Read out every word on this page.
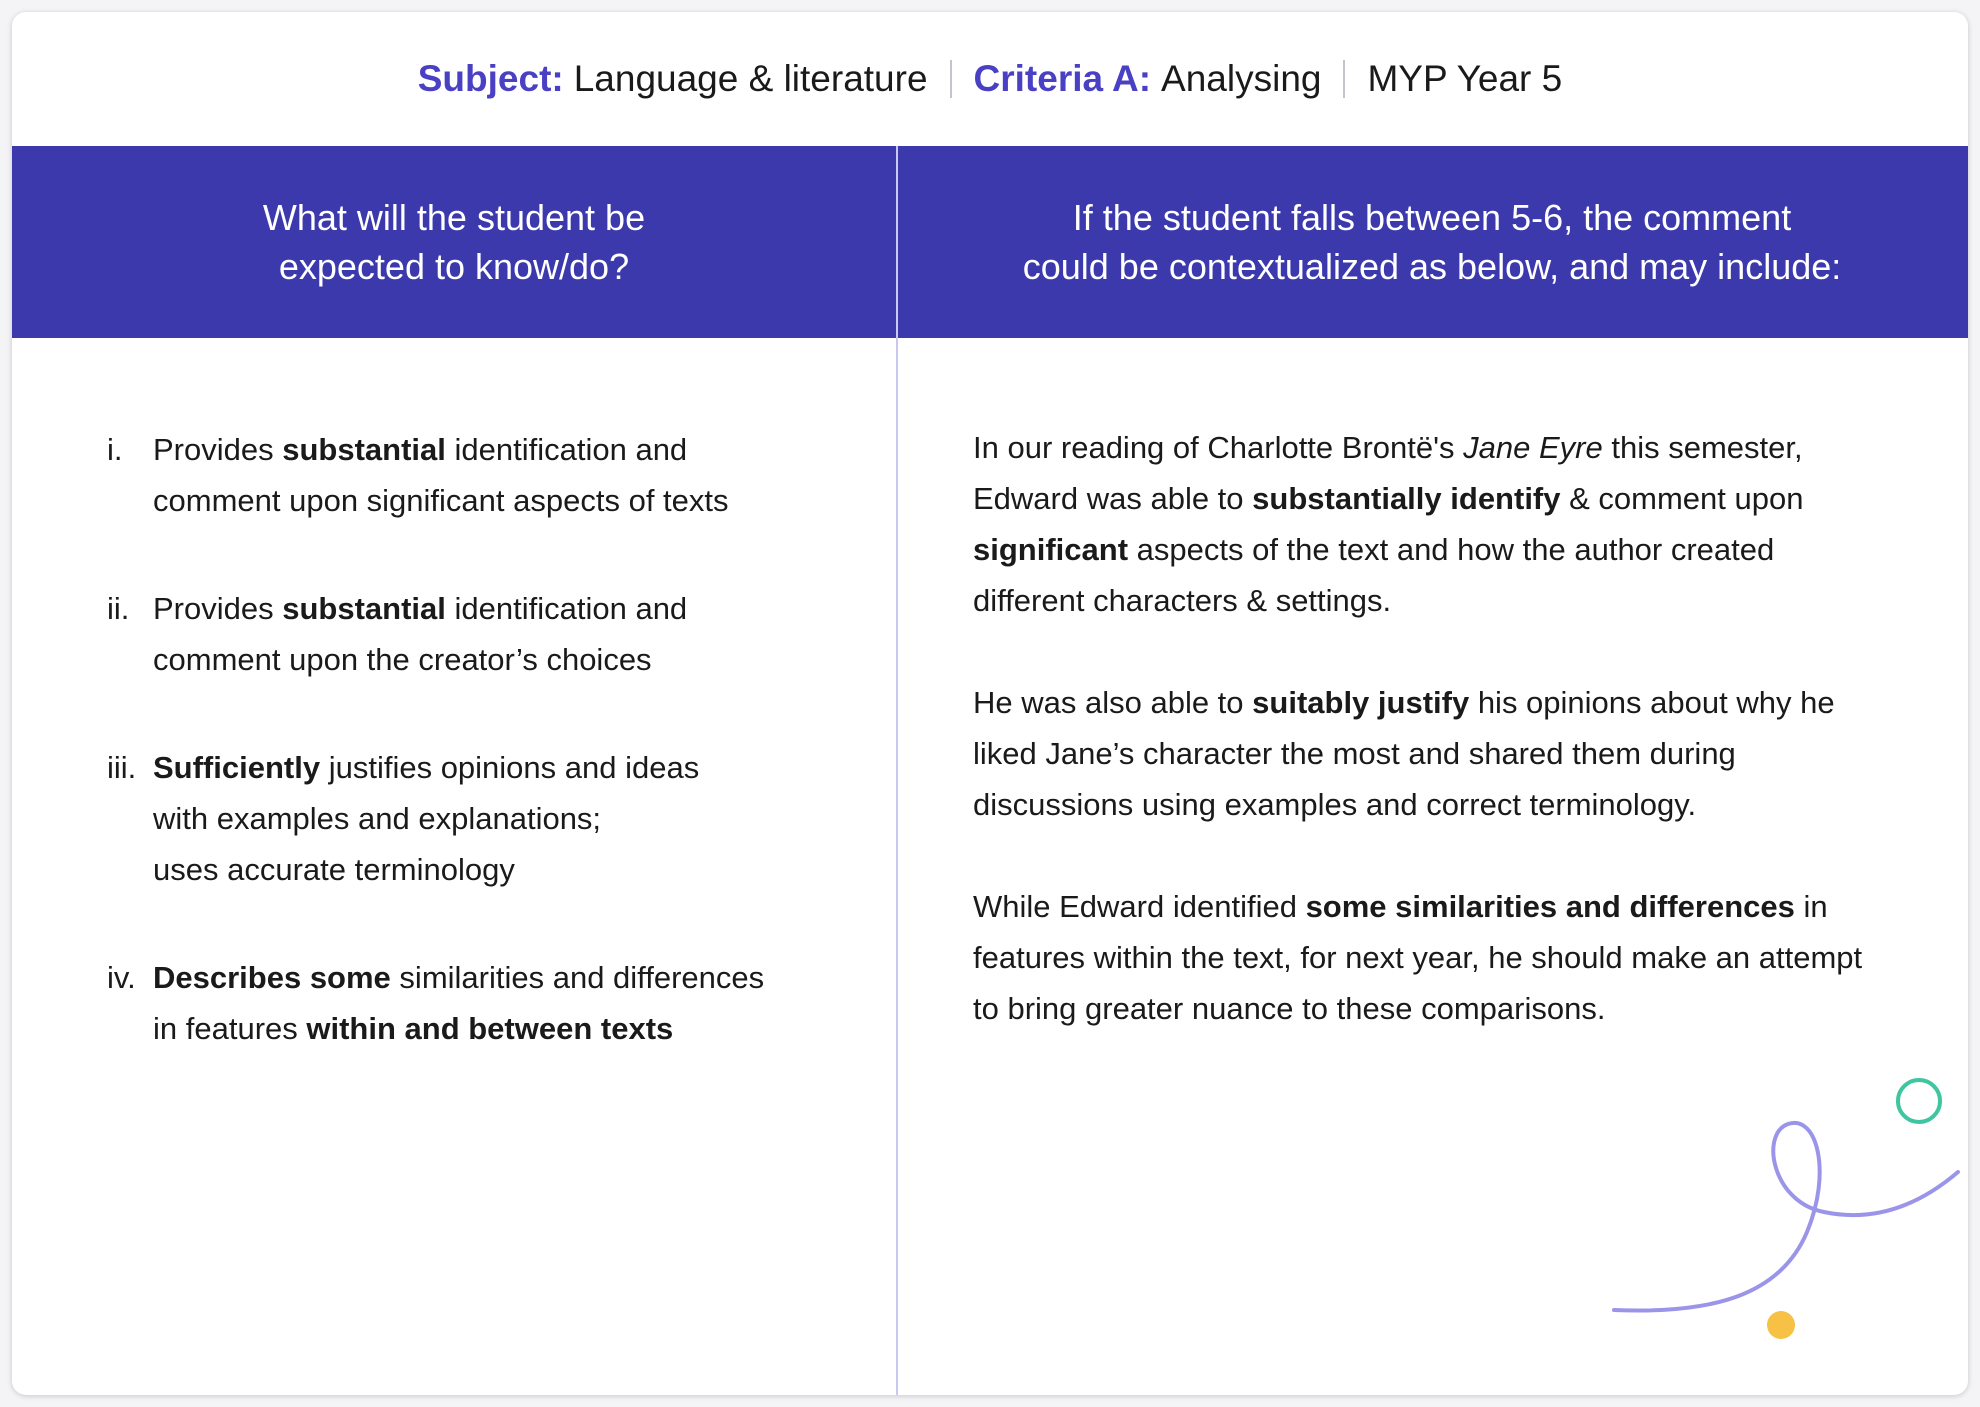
Subject: Language & literature Criteria A: Analysing MYP Year 5
What will the student be
expected to know/do?
If the student falls between 5-6, the comment
could be contextualized as below, and may include:
i. Provides substantial identification and
comment upon significant aspects of texts
ii. Provides substantial identification and
comment upon the creator’s choices
iii. Sufficiently justifies opinions and ideas
with examples and explanations;
uses accurate terminology
iv. Describes some similarities and differences
in features within and between texts

In our reading of Charlotte Brontë's Jane Eyre this semester, Edward was able to substantially identify & comment upon significant aspects of the text and how the author created different characters & settings.

He was also able to suitably justify his opinions about why he liked Jane’s character the most and shared them during discussions using examples and correct terminology.

While Edward identified some similarities and differences in features within the text, for next year, he should make an attempt to bring greater nuance to these comparisons.
